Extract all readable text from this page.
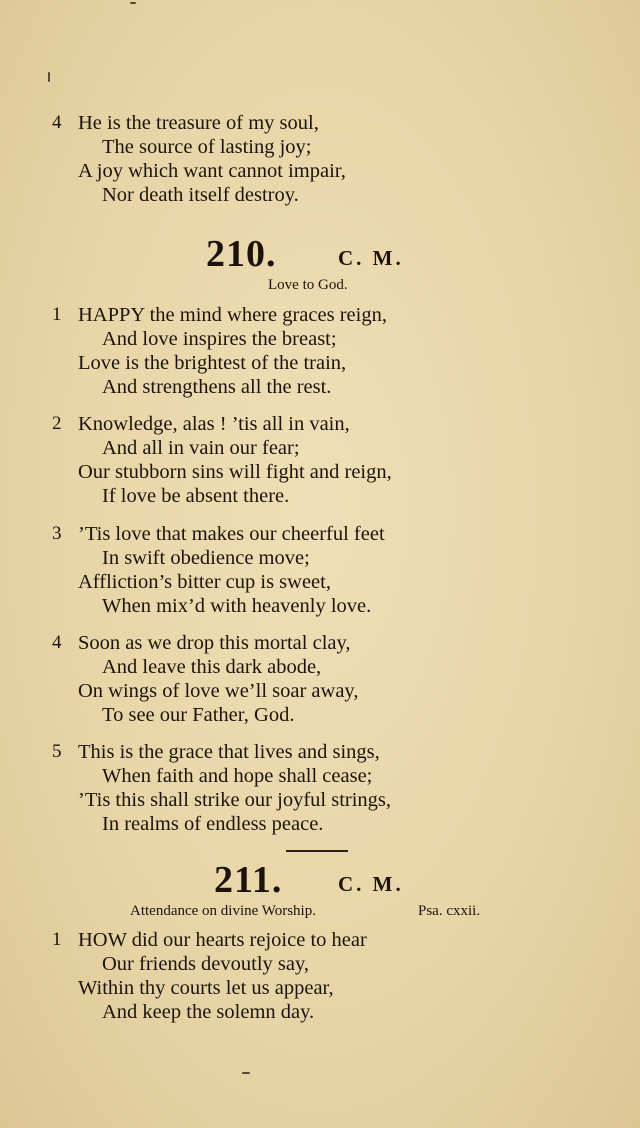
4 He is the treasure of my soul,
The source of lasting joy;
A joy which want cannot impair,
Nor death itself destroy.
210.	C. M.
Love to God.
1 HAPPY the mind where graces reign,
And love inspires the breast;
Love is the brightest of the train,
And strengthens all the rest.
2 Knowledge, alas ! ’tis all in vain,
And all in vain our fear;
Our stubborn sins will fight and reign,
If love be absent there.
3 ’Tis love that makes our cheerful feet
In swift obedience move;
Affliction’s bitter cup is sweet,
When mix’d with heavenly love.
4 Soon as we drop this mortal clay,
And leave this dark abode,
On wings of love we’ll soar away,
To see our Father, God.
5 This is the grace that lives and sings,
When faith and hope shall cease;
’Tis this shall strike our joyful strings,
In realms of endless peace.
211.	C. M.
Attendance on divine Worship.	Psa. cxxii.
1 HOW did our hearts rejoice to hear
Our friends devoutly say,
Within thy courts let us appear,
And keep the solemn day.
